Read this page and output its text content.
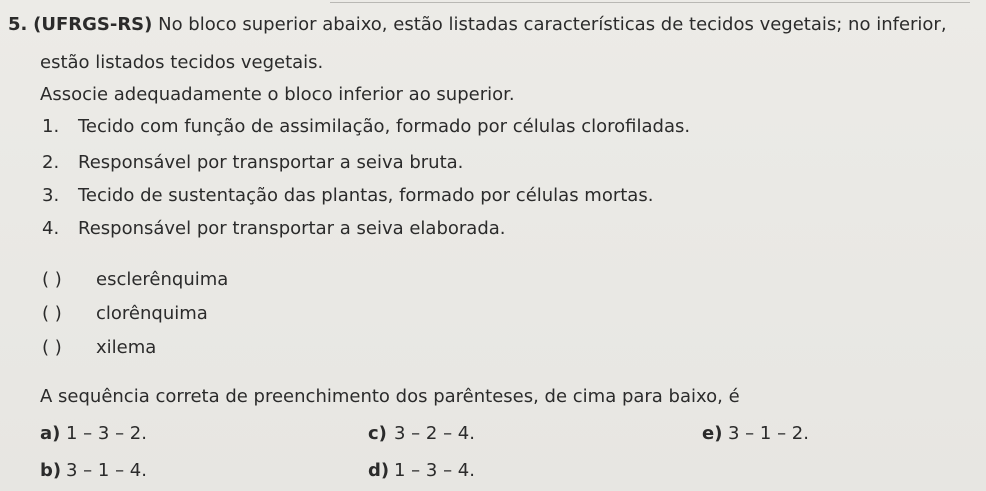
5. (UFRGS-RS) No bloco superior abaixo, estão listadas características de tecidos vegetais; no inferior,
estão listados tecidos vegetais.
Associe adequadamente o bloco inferior ao superior.
1. Tecido com função de assimilação, formado por células clorofiladas.
2. Responsável por transportar a seiva bruta.
3. Tecido de sustentação das plantas, formado por células mortas.
4. Responsável por transportar a seiva elaborada.
( ) esclerênquima
( ) clorênquima
( ) xilema
A sequência correta de preenchimento dos parênteses, de cima para baixo, é
a) 1 – 3 – 2.
b) 3 – 1 – 4.
c) 3 – 2 – 4.
d) 1 – 3 – 4.
e) 3 – 1 – 2.
